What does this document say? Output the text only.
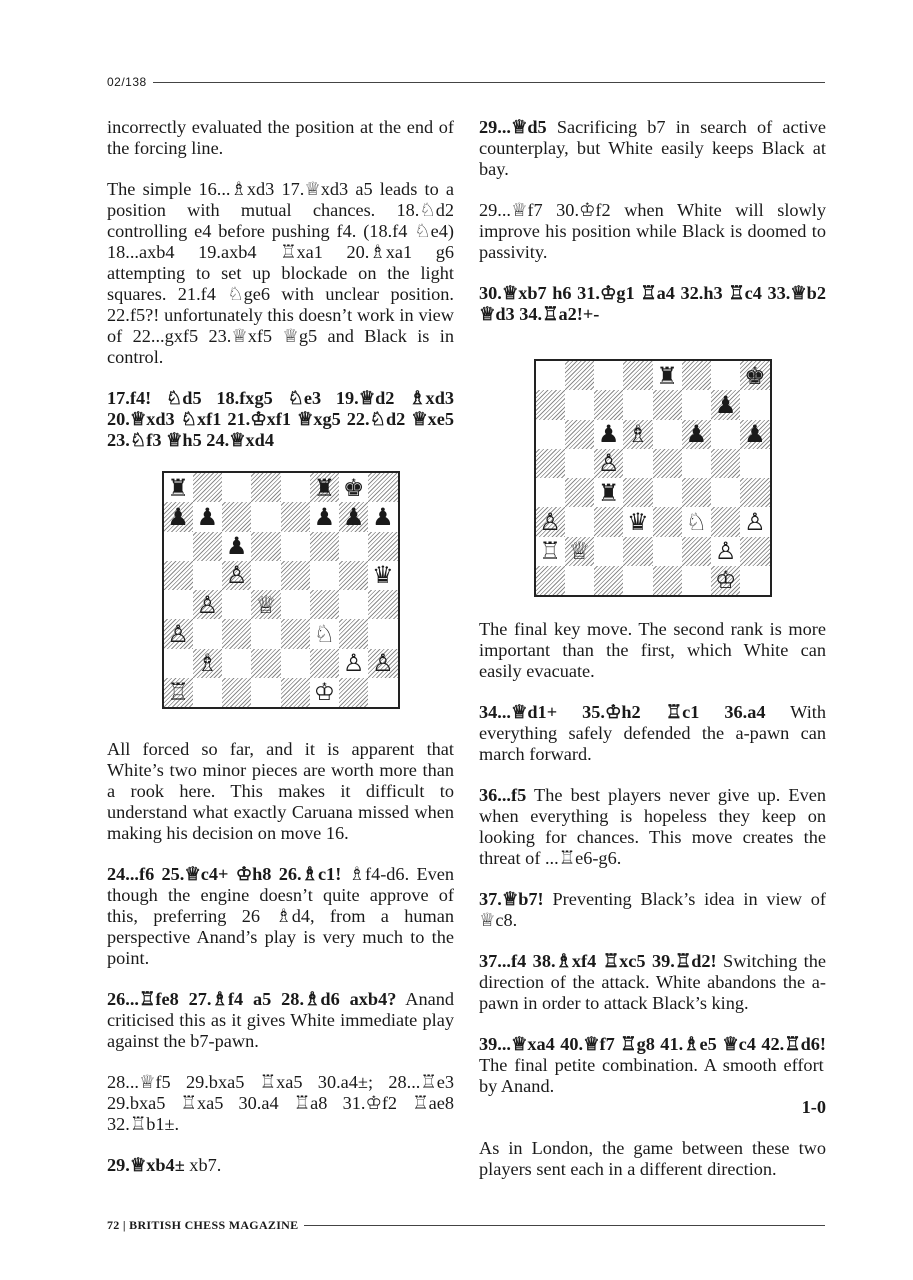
02/138

incorrectly evaluated the position at the end of the forcing line.

The simple 16...♗xd3 17.♕xd3 a5 leads to a position with mutual chances. 18.♘d2 controlling e4 before pushing f4. (18.f4 ♘e4) 18...axb4 19.axb4 ♖xa1 20.♗xa1 g6 attempting to set up blockade on the light squares. 21.f4 ♘ge6 with unclear position. 22.f5?! unfortunately this doesn’t work in view of 22...gxf5 23.♕xf5 ♕g5 and Black is in control.

17.f4! ♘d5 18.fxg5 ♘e3 19.♕d2 ♗xd3 20.♕xd3 ♘xf1 21.♔xf1 ♕xg5 22.♘d2 ♕xe5 23.♘f3 ♕h5 24.♕xd4

♜	♜ ♚
♟ ♟	♟ ♟ ♟
♟
♙	♛
♙ ♕
♙	♘
♗	♙ ♙
♖	♔

All forced so far, and it is apparent that White’s two minor pieces are worth more than a rook here. This makes it difficult to understand what exactly Caruana missed when making his decision on move 16.

24...f6 25.♕c4+ ♔h8 26.♗c1! ♗f4-d6. Even though the engine doesn’t quite approve of this, preferring 26 ♗d4, from a human perspective Anand’s play is very much to the point.

26...♖fe8 27.♗f4 a5 28.♗d6 axb4? Anand criticised this as it gives White immediate play against the b7-pawn.

28...♕f5 29.bxa5 ♖xa5 30.a4±; 28...♖e3 29.bxa5 ♖xa5 30.a4 ♖a8 31.♔f2 ♖ae8 32.♖b1±.

29.♕xb4± xb7.

29...♕d5 Sacrificing b7 in search of active counterplay, but White easily keeps Black at bay.

29...♕f7 30.♔f2 when White will slowly improve his position while Black is doomed to passivity.

30.♕xb7 h6 31.♔g1 ♖a4 32.h3 ♖c4 33.♕b2 ♕d3 34.♖a2!+-

♜	♚
♟
♟ ♗ ♟ ♟
♙
♜
♙	♛ ♘ ♙
♖ ♕	♙
♔

The final key move. The second rank is more important than the first, which White can easily evacuate.

34...♕d1+ 35.♔h2 ♖c1 36.a4 With everything safely defended the a-pawn can march forward.

36...f5 The best players never give up. Even when everything is hopeless they keep on looking for chances. This move creates the threat of ...♖e6-g6.

37.♕b7! Preventing Black’s idea in view of ♕c8.

37...f4 38.♗xf4 ♖xc5 39.♖d2! Switching the direction of the attack. White abandons the a-pawn in order to attack Black’s king.

39...♕xa4 40.♕f7 ♖g8 41.♗e5 ♕c4 42.♖d6! The final petite combination. A smooth effort by Anand.

1-0

As in London, the game between these two players sent each in a different direction.

72 | BRITISH CHESS MAGAZINE
